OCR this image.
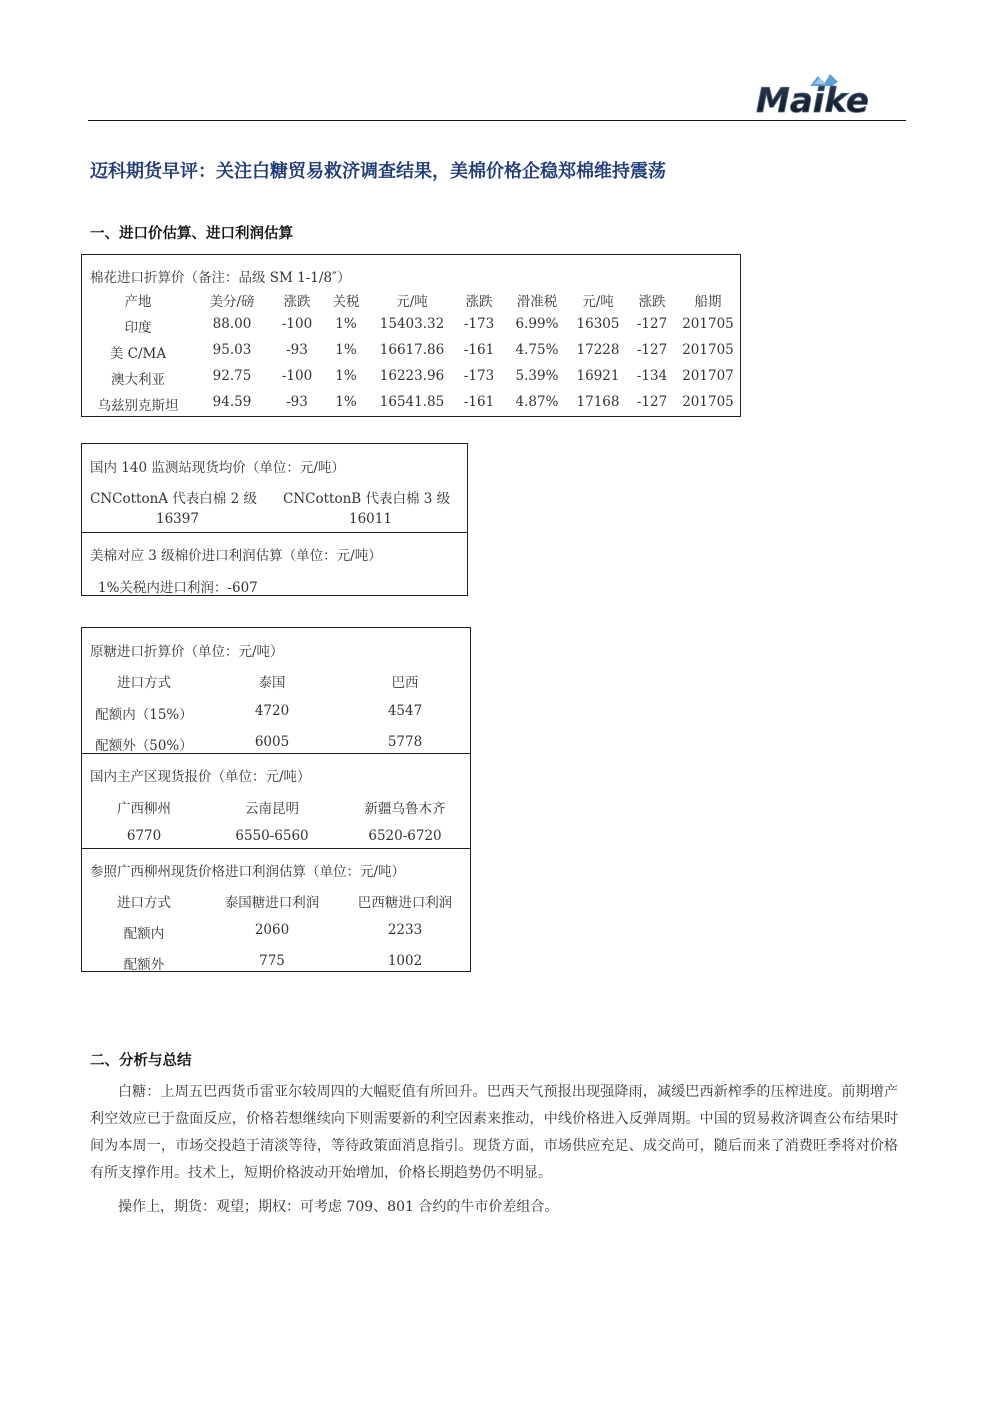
Maike
迈科期货早评：关注白糖贸易救济调查结果，美棉价格企稳郑棉维持震荡
一、进口价估算、进口利润估算
棉花进口折算价（备注：品级 SM 1-1/8″）
产地	美分/磅	涨跌	关税	元/吨	涨跌	滑准税	元/吨	涨跌	船期
印度	88.00	-100	1%	15403.32	-173	6.99%	16305	-127	201705
美 C/MA	95.03	-93	1%	16617.86	-161	4.75%	17228	-127	201705
澳大利亚	92.75	-100	1%	16223.96	-173	5.39%	16921	-134	201707
乌兹别克斯坦	94.59	-93	1%	16541.85	-161	4.87%	17168	-127	201705
国内 140 监测站现货均价（单位：元/吨）
CNCottonA 代表白棉 2 级 CNCottonB 代表白棉 3 级
16397	16011
美棉对应 3 级棉价进口利润估算（单位：元/吨）
1%关税内进口利润：-607
原糖进口折算价（单位：元/吨）
进口方式	泰国	巴西
配额内（15%）	4720	4547
配额外（50%）	6005	5778
国内主产区现货报价（单位：元/吨）
广西柳州	云南昆明	新疆乌鲁木齐
6770	6550-6560	6520-6720
参照广西柳州现货价格进口利润估算（单位：元/吨）
进口方式	泰国糖进口利润	巴西糖进口利润
配额内	2060	2233
配额外	775	1002
二、分析与总结
白糖：上周五巴西货币雷亚尔较周四的大幅贬值有所回升。巴西天气预报出现强降雨，减缓巴西新榨季的压榨进度。前期增产利空效应已于盘面反应，价格若想继续向下则需要新的利空因素来推动，中线价格进入反弹周期。中国的贸易救济调查公布结果时间为本周一，市场交投趋于清淡等待，等待政策面消息指引。现货方面，市场供应充足、成交尚可，随后而来了消费旺季将对价格有所支撑作用。技术上，短期价格波动开始增加，价格长期趋势仍不明显。
操作上，期货：观望；期权：可考虑 709、801 合约的牛市价差组合。
